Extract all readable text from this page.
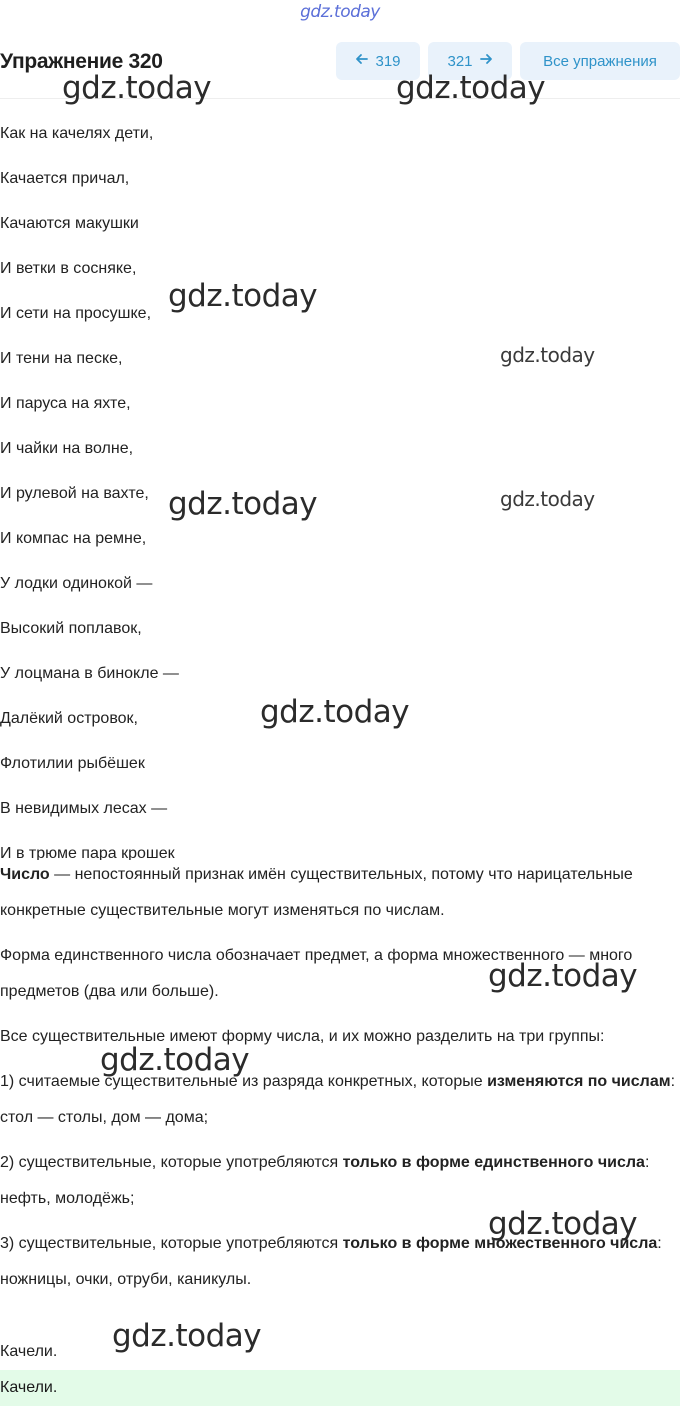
gdz.today
Упражнение 320	319	321	Все упражнения
Как на качелях дети,
Качается причал,
Качаются макушки
И ветки в сосняке,
И сети на просушке,
И тени на песке,
И паруса на яхте,
И чайки на волне,
И рулевой на вахте,
И компас на ремне,
У лодки одинокой —
Высокий поплавок,
У лоцмана в бинокле —
Далёкий островок,
Флотилии рыбёшек
В невидимых лесах —
И в трюме пара крошек

Число — непостоянный признак имён существительных, потому что нарицательные конкретные существительные могут изменяться по числам.

Форма единственного числа обозначает предмет, а форма множественного — много предметов (два или больше).

Все существительные имеют форму числа, и их можно разделить на три группы:

1) считаемые существительные из разряда конкретных, которые изменяются по числам: стол — столы, дом — дома;

2) существительные, которые употребляются только в форме единственного числа: нефть, молодёжь;

3) существительные, которые употребляются только в форме множественного числа: ножницы, очки, отруби, каникулы.

Качели.
Качели.
gdz.today	gdz.today
gdz.today
gdz.today
gdz.today	gdz.today
gdz.today
gdz.today
gdz.today
gdz.today
gdz.today
